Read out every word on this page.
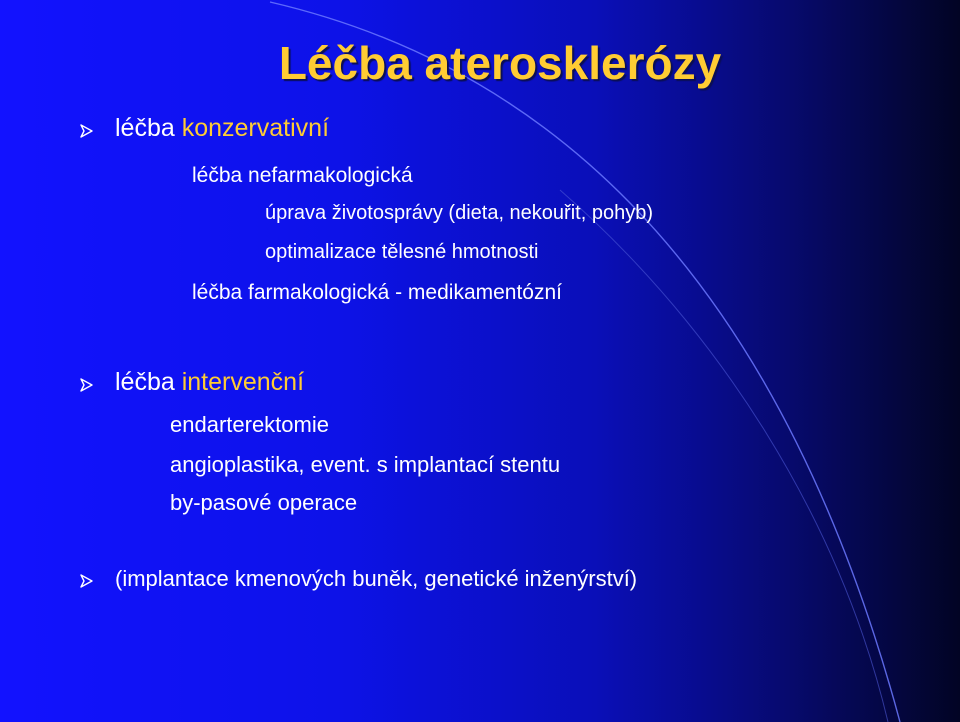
Léčba aterosklerózy
léčba konzervativní
léčba nefarmakologická
úprava životosprávy (dieta, nekouřit, pohyb)
optimalizace tělesné hmotnosti
léčba farmakologická - medikamentózní
léčba intervenční
endarterektomie
angioplastika, event. s implantací stentu
by-pasové operace
(implantace kmenových buněk, genetické inženýrství)
